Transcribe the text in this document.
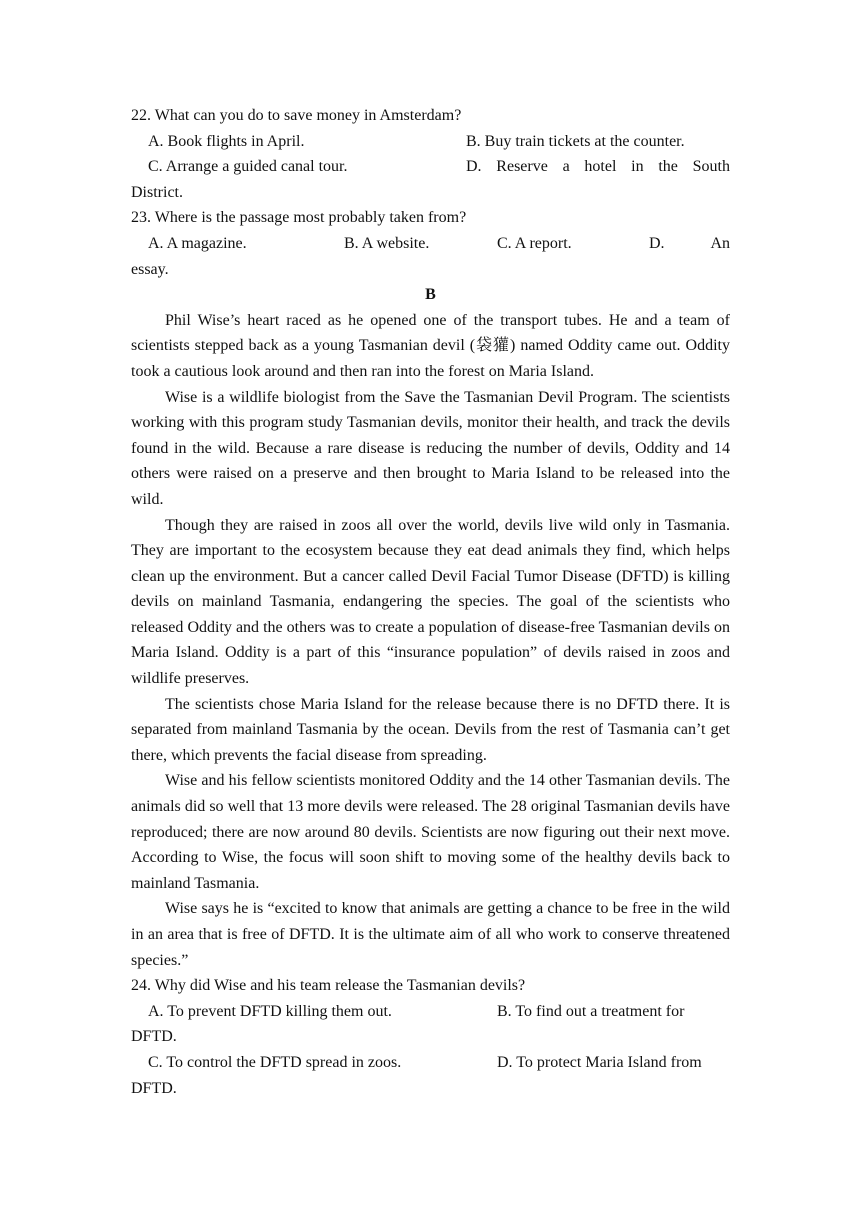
22. What can you do to save money in Amsterdam?
A. Book flights in April.	B. Buy train tickets at the counter.
C. Arrange a guided canal tour.	D. Reserve a hotel in the South
District.
23. Where is the passage most probably taken from?
A. A magazine.	B. A website.	C. A report.	D.	An
essay.
B

Phil Wise’s heart raced as he opened one of the transport tubes. He and a team of scientists stepped back as a young Tasmanian devil (袋獾) named Oddity came out. Oddity took a cautious look around and then ran into the forest on Maria Island.

Wise is a wildlife biologist from the Save the Tasmanian Devil Program. The scientists working with this program study Tasmanian devils, monitor their health, and track the devils found in the wild. Because a rare disease is reducing the number of devils, Oddity and 14 others were raised on a preserve and then brought to Maria Island to be released into the wild.

Though they are raised in zoos all over the world, devils live wild only in Tasmania. They are important to the ecosystem because they eat dead animals they find, which helps clean up the environment. But a cancer called Devil Facial Tumor Disease (DFTD) is killing devils on mainland Tasmania, endangering the species. The goal of the scientists who released Oddity and the others was to create a population of disease-free Tasmanian devils on Maria Island. Oddity is a part of this “insurance population” of devils raised in zoos and wildlife preserves.

The scientists chose Maria Island for the release because there is no DFTD there. It is separated from mainland Tasmania by the ocean. Devils from the rest of Tasmania can’t get there, which prevents the facial disease from spreading.

Wise and his fellow scientists monitored Oddity and the 14 other Tasmanian devils. The animals did so well that 13 more devils were released. The 28 original Tasmanian devils have reproduced; there are now around 80 devils. Scientists are now figuring out their next move. According to Wise, the focus will soon shift to moving some of the healthy devils back to mainland Tasmania.

Wise says he is “excited to know that animals are getting a chance to be free in the wild in an area that is free of DFTD. It is the ultimate aim of all who work to conserve threatened species.”

24. Why did Wise and his team release the Tasmanian devils?
A. To prevent DFTD killing them out.	B. To find out a treatment for
DFTD.
C. To control the DFTD spread in zoos.	D. To protect Maria Island from
DFTD.
